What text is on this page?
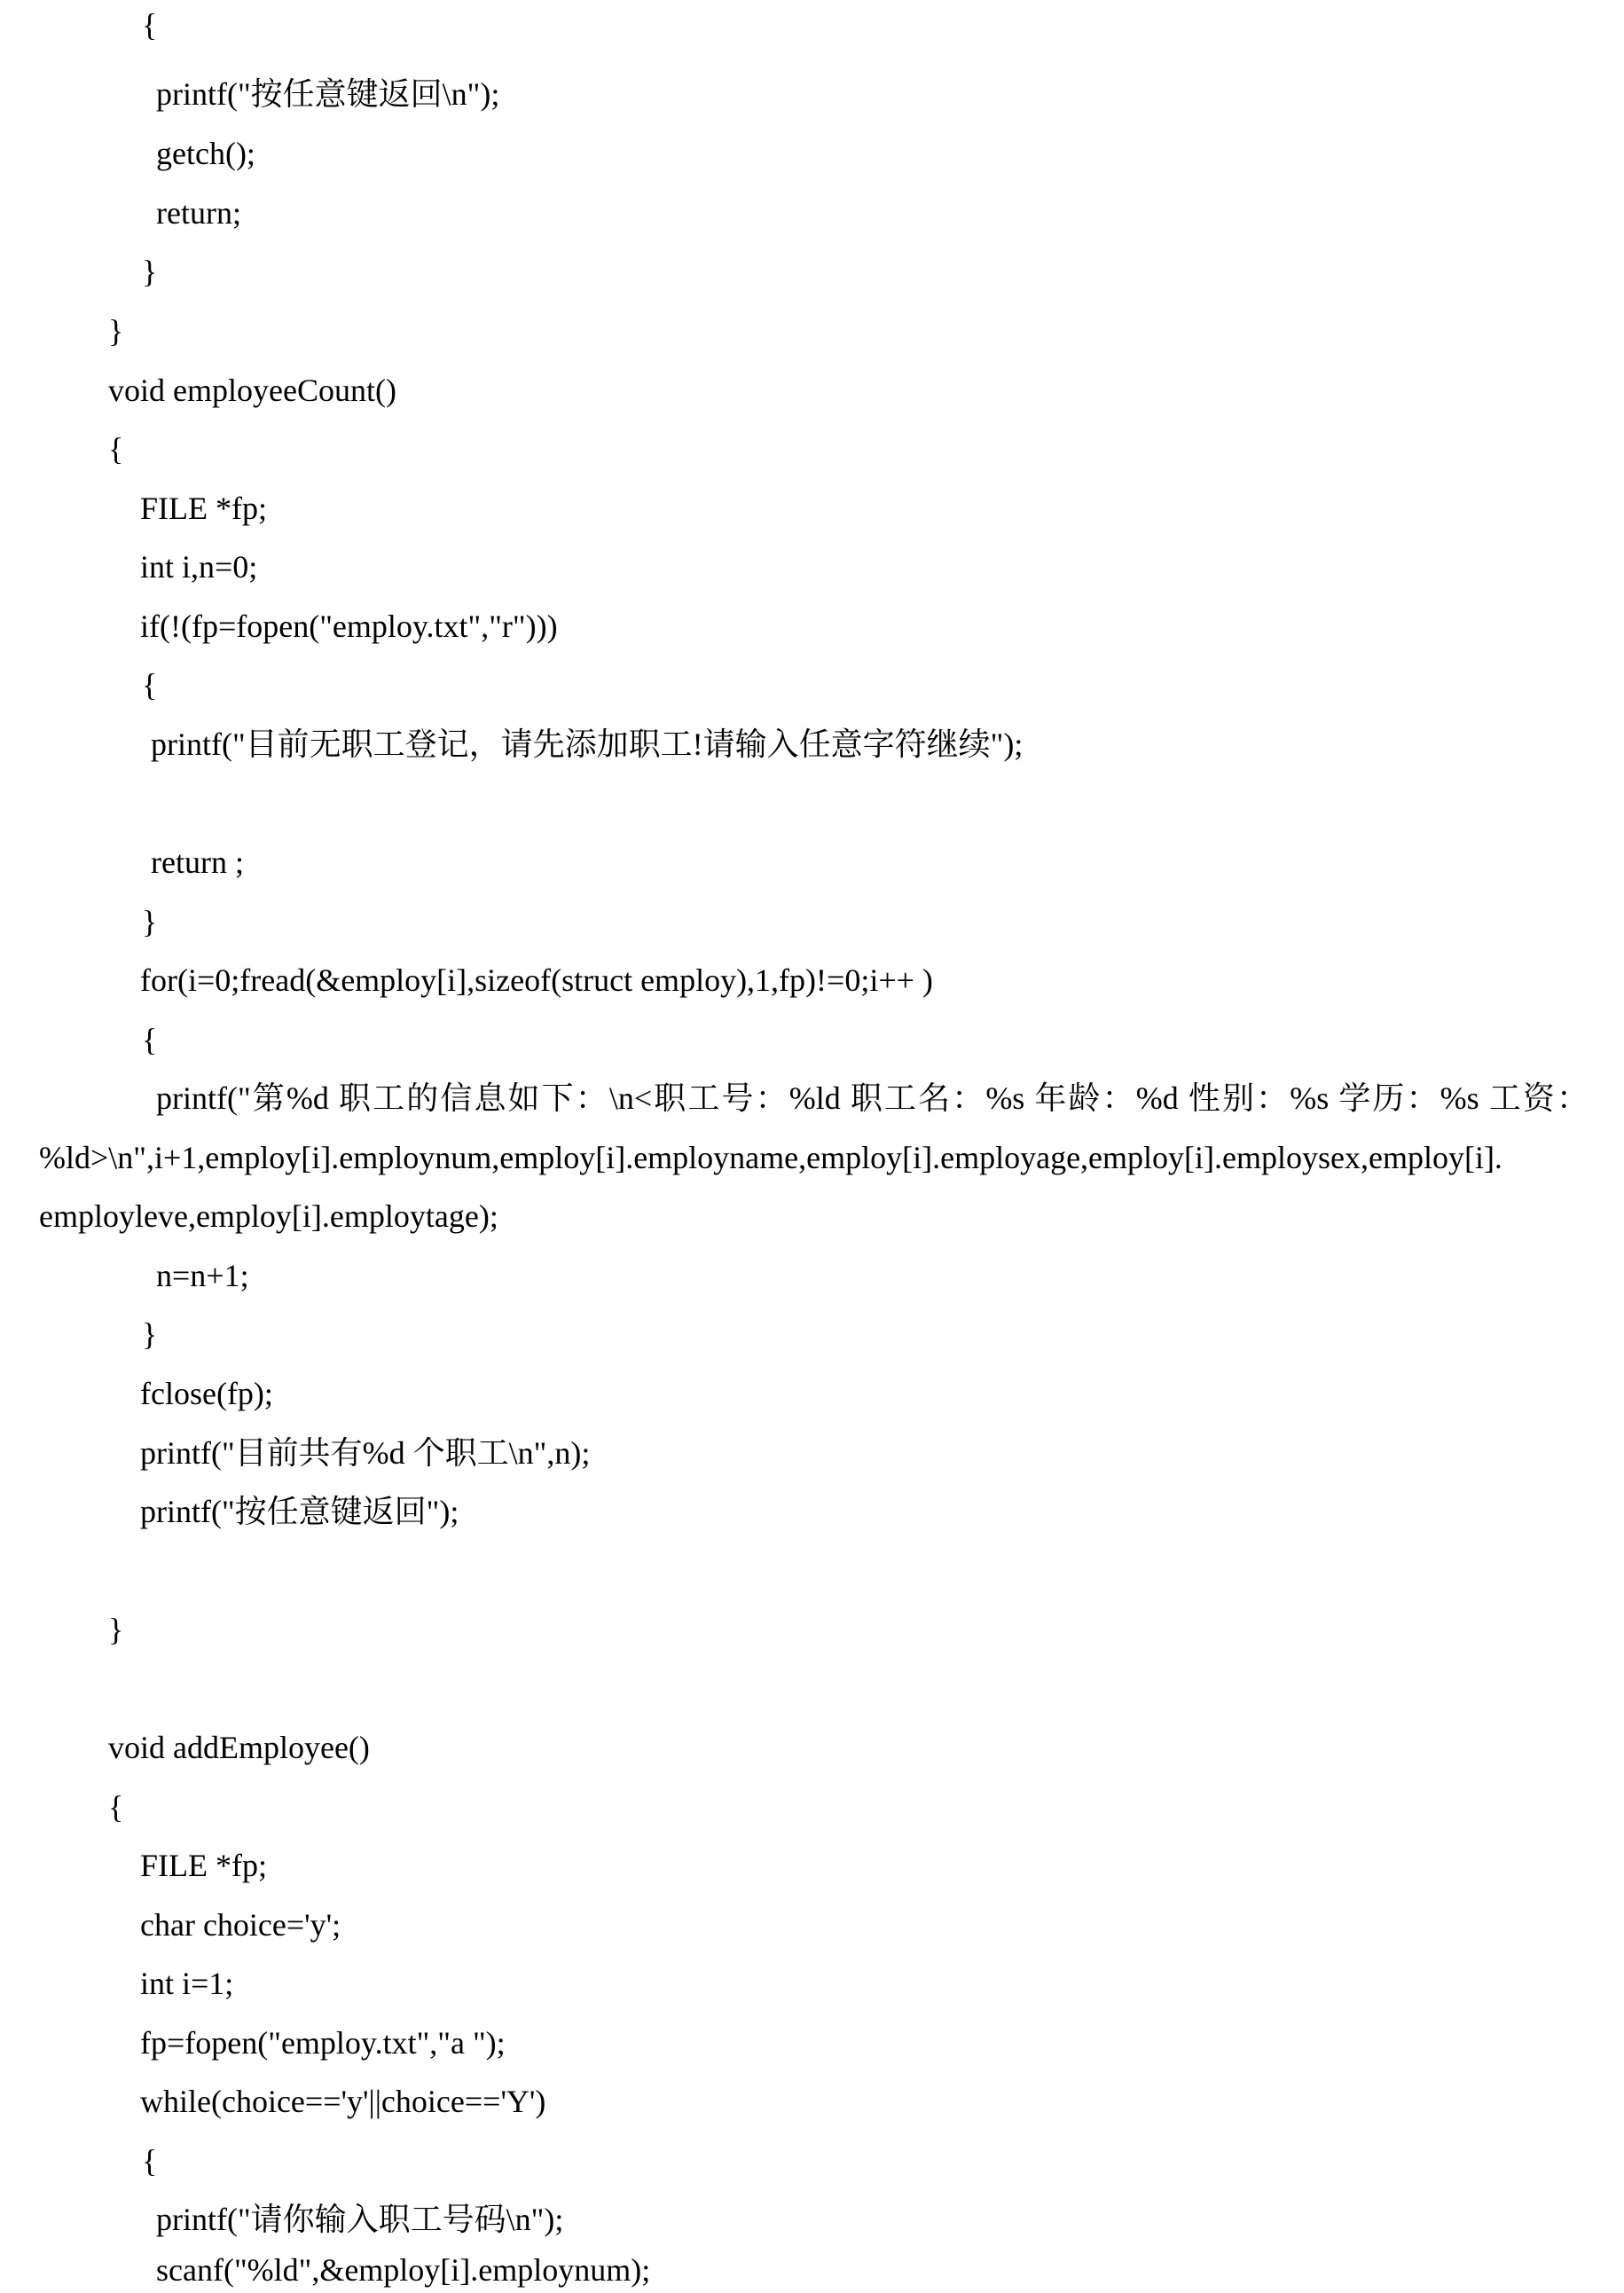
{
printf("按任意键返回\n");
getch();
return;
}
}
void employeeCount()
{
FILE *fp;
int i,n=0;
if(!(fp=fopen("employ.txt","r")))
{
printf("目前无职工登记，请先添加职工!请输入任意字符继续");
return ;
}
for(i=0;fread(&employ[i],sizeof(struct employ),1,fp)!=0;i++ )
{
printf("第%d 职工的信息如下：\n<职工号：%ld 职工名：%s 年龄：%d 性别：%s 学历：%s 工资：
%ld>\n",i+1,employ[i].employnum,employ[i].employname,employ[i].employage,employ[i].employsex,employ[i].
employleve,employ[i].employtage);
n=n+1;
}
fclose(fp);
printf("目前共有%d 个职工\n",n);
printf("按任意键返回");
}
void addEmployee()
{
FILE *fp;
char choice='y';
int i=1;
fp=fopen("employ.txt","a ");
while(choice=='y'||choice=='Y')
{
printf("请你输入职工号码\n");
scanf("%ld",&employ[i].employnum);
